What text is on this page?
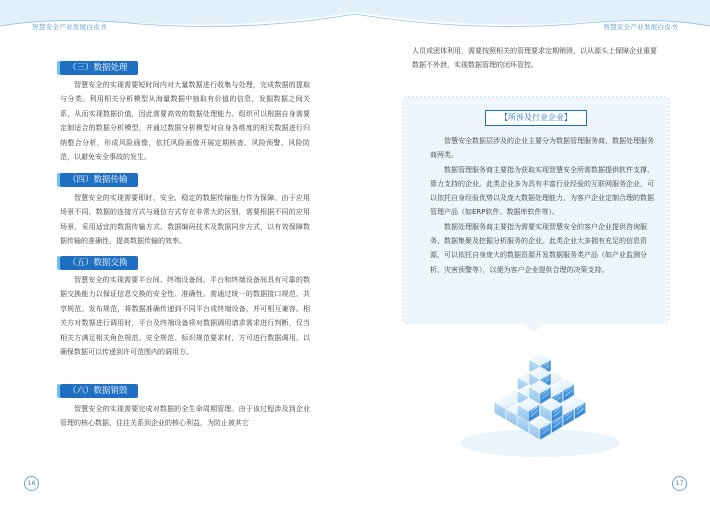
智慧安全产业发展白皮书	智慧安全产业发展白皮书
（三）数据处理

智慧安全的实现需要短时间内对大量数据进行收集与处理，完成数据的提取与分类。利用相关分析模型从海量数据中抽取有价值的信息，发掘数据之间关系，从而实现数据价值，因此需要高效的数据处理能力。组织可以根据自身需要定制适合的数据分析模型，并通过数据分析模型对自身各维度的相关数据进行归纳整合分析，形成风险画像，依托风险画像开展定期核查、风险预警、风险防范，以避免安全事故的发生。

（四）数据传输

智慧安全的实现需要即时、安全、稳定的数据传输能力作为保障。由于应用场景不同，数据的连接方式与通信方式存在非常大的区别，需要根据不同的应用场景，采用适宜的数据传输方式、数据编码技术及数据同步方式，以有效保障数据传输的准确性、提高数据传输的效率。

（五）数据交换

智慧安全的实现需要平台间、终端设备间、平台和终端设备间具有可靠的数据交换能力以保证信息交换的安全性、准确性。需通过统一的数据接口规范、共享规范、发布规范，将数据准确传递到不同平台或终端设备，并可相互兼容。相关方对数据进行调用时，平台及终端设备将对数据调用请求需求进行判断，仅当相关方满足相关角色规范、安全规范、标识规范要求时，方可进行数据调用，以确保数据可以传递到许可范围内的调用方。

（六）数据销毁

智慧安全的实现需要完成对数据的全生命周期管理。由于该过程涉及到企业管理的核心数据，往往关系到企业的核心利益，为防止被其它

16

人员或团体利用，需要按照相关的管理要求定期销毁，以从源头上保障企业重要数据不外泄，实现数据管理的闭环管控。

【所涉及行业企业】

智慧安全数据层涉及的企业主要分为数据管理服务商、数据处理服务商两类。

数据管理服务商主要指为获取实现智慧安全所需数据提供软件支撑、算力支持的企业。此类企业多为具有丰富行业经验的互联网服务企业，可以依托自身经验优势以及庞大数据处理能力，为客户企业定制合理的数据管理产品（如ERP软件、数据库软件等）。

数据处理服务商主要指为需要实现智慧安全的客户企业提供咨询服务、数据集聚及挖掘分析服务的企业。此类企业大多拥有充足的信息资源，可以依托自身庞大的数据资源开发数据服务类产品（如产业监测分析、灾害预警等），以便为客户企业提供合理的决策支持。

17
